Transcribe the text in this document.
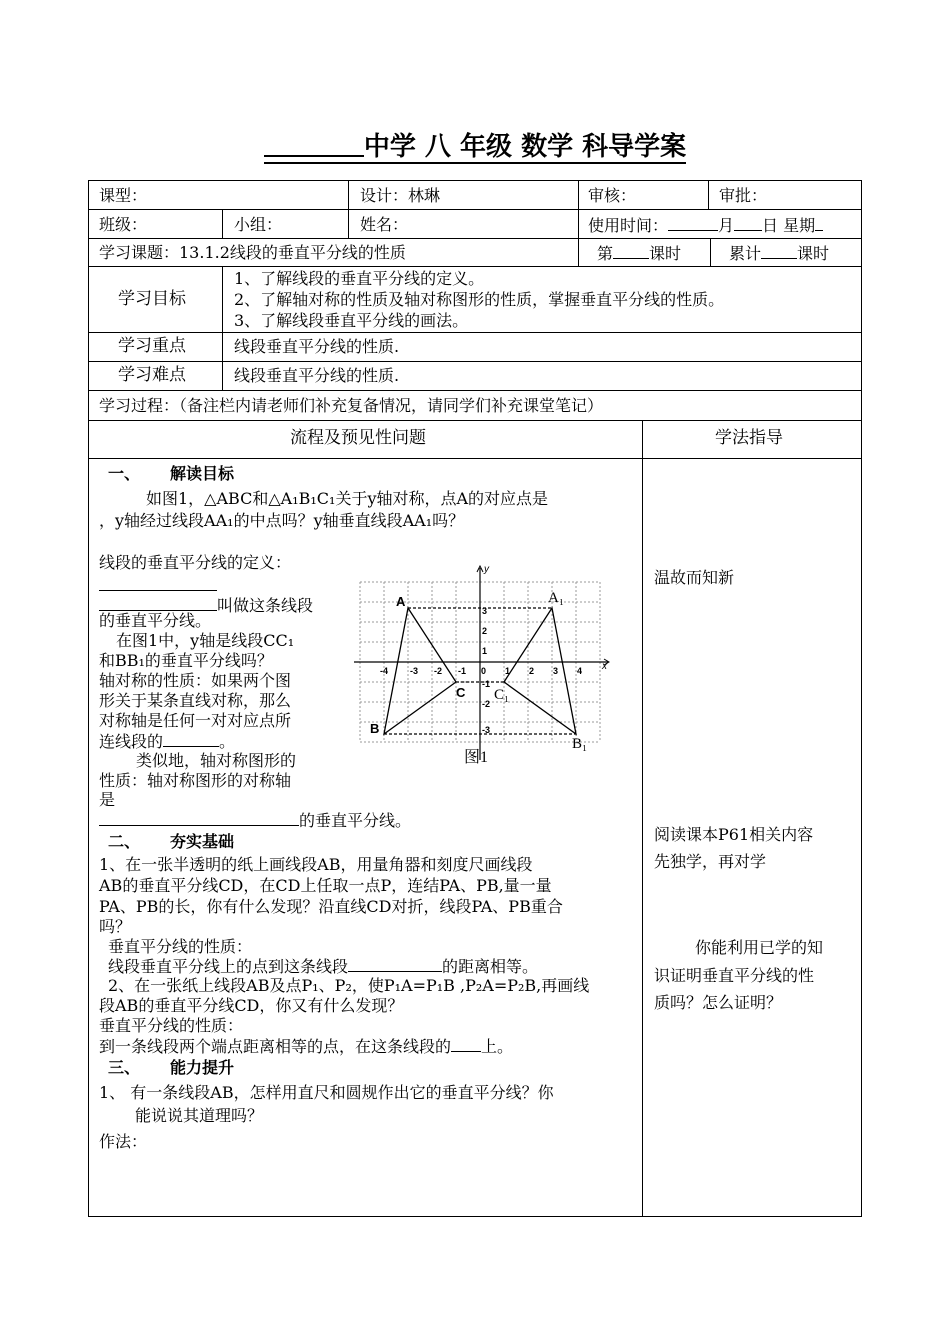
中学 八 年级 数学 科导学案
课型：	设计：林琳	审核：	审批：
班级：	小组：	姓名：	使用时间：	月 日 星期
学习课题：13.1.2线段的垂直平分线的性质	第 课时	累计 课时
学习目标
1、了解线段的垂直平分线的定义。
2、了解轴对称的性质及轴对称图形的性质，掌握垂直平分线的性质。
3、了解线段垂直平分线的画法。
学习重点	线段垂直平分线的性质.
学习难点	线段垂直平分线的性质.
学习过程：（备注栏内请老师们补充复备情况，请同学们补充课堂笔记）
流程及预见性问题	学法指导
一、 解读目标
如图1，△ABC和△A₁B₁C₁关于y轴对称，点A的对应点是
，y轴经过线段AA₁的中点吗？y轴垂直线段AA₁吗？
线段的垂直平分线的定义：
叫做这条线段
的垂直平分线。
在图1中，y轴是线段CC₁
和BB₁的垂直平分线吗？
轴对称的性质：如果两个图
形关于某条直线对称，那么
对称轴是任何一对对应点所
连线段的	。
类似地，轴对称图形的
性质：轴对称图形的对称轴
是
的垂直平分线。
-4 -3 -2 -1 0 1 2 3 4
3
2
1
-1
-2
-3
y
x
A
B
C
A₁
B₁
C₁
图1
二、 夯实基础
1、在一张半透明的纸上画线段AB，用量角器和刻度尺画线段
AB的垂直平分线CD，在CD上任取一点P，连结PA、PB,量一量
PA、PB的长，你有什么发现？沿直线CD对折，线段PA、PB重合
吗？
垂直平分线的性质：
线段垂直平分线上的点到这条线段	的距离相等。
2、在一张纸上线段AB及点P₁、P₂，使P₁A=P₁B ,P₂A=P₂B,再画线
段AB的垂直平分线CD，你又有什么发现？
垂直平分线的性质：
到一条线段两个端点距离相等的点，在这条线段的 上。
三、 能力提升
1、 有一条线段AB，怎样用直尺和圆规作出它的垂直平分线？你
能说说其道理吗？
作法：
温故而知新
阅读课本P61相关内容
先独学，再对学
你能利用已学的知
识证明垂直平分线的性
质吗？怎么证明？
